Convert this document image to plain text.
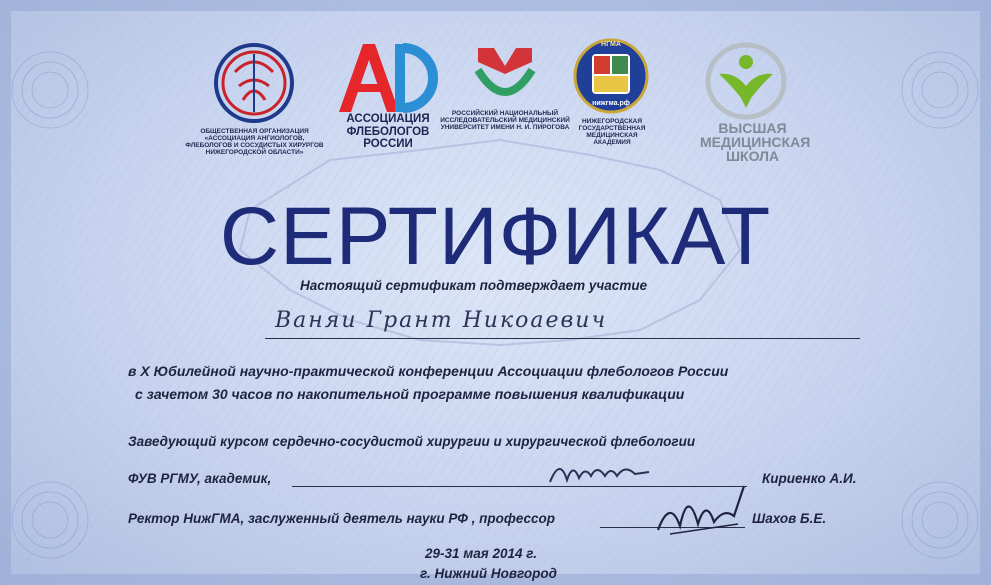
ОБЩЕСТВЕННАЯ ОРГАНИЗАЦИЯ «АССОЦИАЦИЯ АНГИОЛОГОВ, ФЛЕБОЛОГОВ И СОСУДИСТЫХ ХИРУРГОВ НИЖЕГОРОДСКОЙ ОБЛАСТИ»
АССОЦИАЦИЯ ФЛЕБОЛОГОВ РОССИИ
РОССИЙСКИЙ НАЦИОНАЛЬНЫЙ ИССЛЕДОВАТЕЛЬСКИЙ МЕДИЦИНСКИЙ УНИВЕРСИТЕТ ИМЕНИ Н. И. ПИРОГОВА
НГМА
нижгма.рф
НИЖЕГОРОДСКАЯ ГОСУДАРСТВЕННАЯ МЕДИЦИНСКАЯ АКАДЕМИЯ
ВЫСШАЯ МЕДИЦИНСКАЯ ШКОЛА
СЕРТИФИКАТ
Настоящий сертификат подтверждает участие
Ваняи Грант Никоаевич
в X Юбилейной научно-практической конференции Ассоциации флебологов России
с зачетом 30 часов по накопительной программе повышения квалификации
Заведующий курсом сердечно-сосудистой хирургии и хирургической флебологии
ФУВ РГМУ, академик,	Кириенко А.И.
Ректор НижГМА, заслуженный деятель науки РФ , профессор	Шахов Б.Е.
29-31 мая 2014 г.
г. Нижний Новгород
